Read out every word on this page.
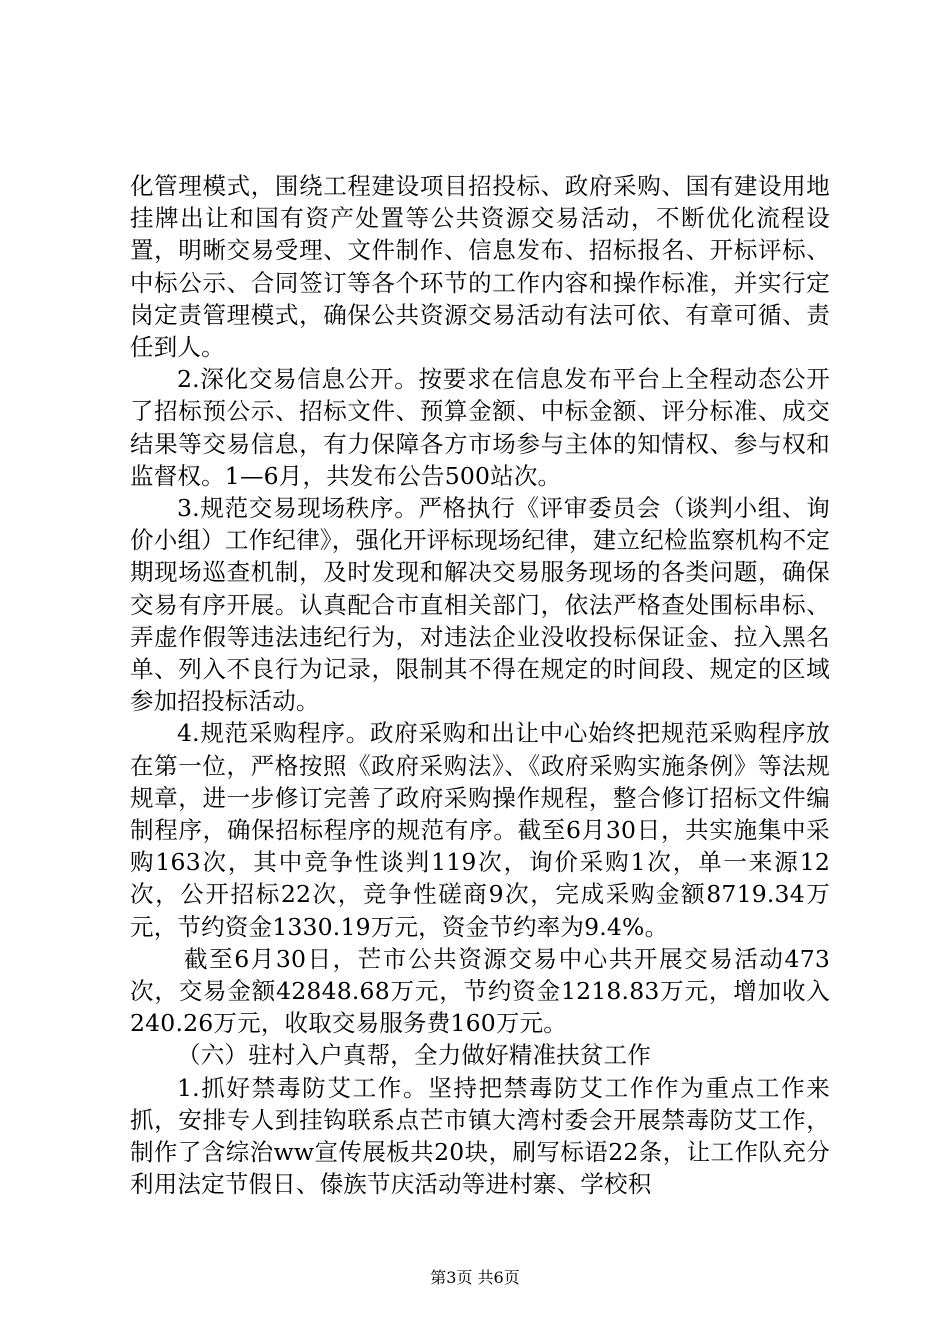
化管理模式，围绕工程建设项目招投标、政府采购、国有建设用地挂牌出让和国有资产处置等公共资源交易活动，不断优化流程设置，明晰交易受理、文件制作、信息发布、招标报名、开标评标、中标公示、合同签订等各个环节的工作内容和操作标准，并实行定岗定责管理模式，确保公共资源交易活动有法可依、有章可循、责任到人。

2.深化交易信息公开。按要求在信息发布平台上全程动态公开了招标预公示、招标文件、预算金额、中标金额、评分标准、成交结果等交易信息，有力保障各方市场参与主体的知情权、参与权和监督权。1—6月，共发布公告500站次。

3.规范交易现场秩序。严格执行《评审委员会（谈判小组、询价小组）工作纪律》，强化开评标现场纪律，建立纪检监察机构不定期现场巡查机制，及时发现和解决交易服务现场的各类问题，确保交易有序开展。认真配合市直相关部门，依法严格查处围标串标、弄虚作假等违法违纪行为，对违法企业没收投标保证金、拉入黑名单、列入不良行为记录，限制其不得在规定的时间段、规定的区域参加招投标活动。

4.规范采购程序。政府采购和出让中心始终把规范采购程序放在第一位，严格按照《政府采购法》、《政府采购实施条例》等法规规章，进一步修订完善了政府采购操作规程，整合修订招标文件编制程序，确保招标程序的规范有序。截至6月30日，共实施集中采购163次，其中竞争性谈判119次，询价采购1次，单一来源12次，公开招标22次，竞争性磋商9次，完成采购金额8719.34万元，节约资金1330.19万元，资金节约率为9.4%。

截至6月30日，芒市公共资源交易中心共开展交易活动473次，交易金额42848.68万元，节约资金1218.83万元，增加收入240.26万元，收取交易服务费160万元。

（六）驻村入户真帮，全力做好精准扶贫工作

1.抓好禁毒防艾工作。坚持把禁毒防艾工作作为重点工作来抓，安排专人到挂钩联系点芒市镇大湾村委会开展禁毒防艾工作，制作了含综治ww宣传展板共20块，刷写标语22条，让工作队充分利用法定节假日、傣族节庆活动等进村寨、学校积

第3页 共6页
